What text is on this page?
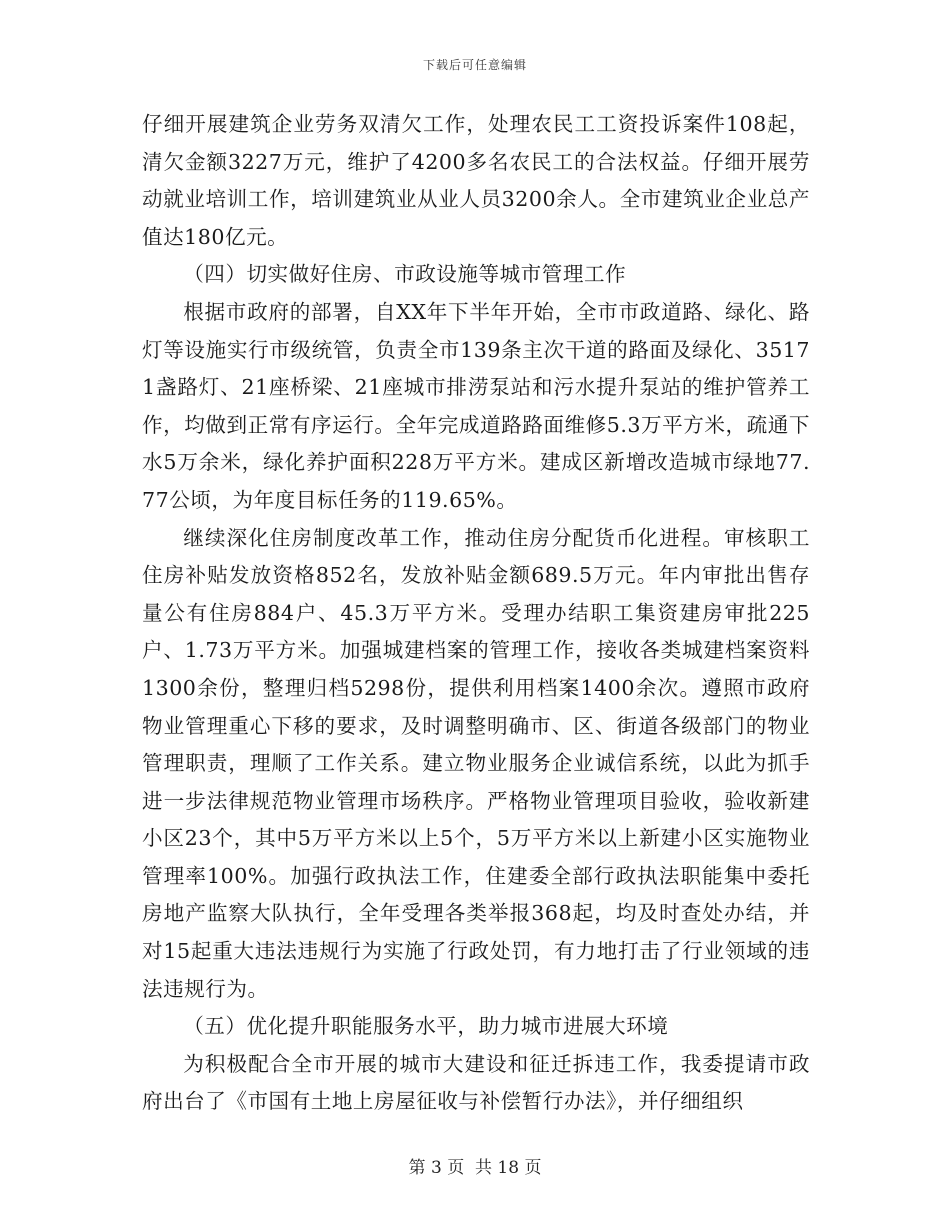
下载后可任意编辑

仔细开展建筑企业劳务双清欠工作，处理农民工工资投诉案件108起，清欠金额3227万元，维护了4200多名农民工的合法权益。仔细开展劳动就业培训工作，培训建筑业从业人员3200余人。全市建筑业企业总产值达180亿元。

（四）切实做好住房、市政设施等城市管理工作

根据市政府的部署，自XX年下半年开始，全市市政道路、绿化、路灯等设施实行市级统管，负责全市139条主次干道的路面及绿化、35171盏路灯、21座桥梁、21座城市排涝泵站和污水提升泵站的维护管养工作，均做到正常有序运行。全年完成道路路面维修5.3万平方米，疏通下水5万余米，绿化养护面积228万平方米。建成区新增改造城市绿地77.77公顷，为年度目标任务的119.65%。

继续深化住房制度改革工作，推动住房分配货币化进程。审核职工住房补贴发放资格852名，发放补贴金额689.5万元。年内审批出售存量公有住房884户、45.3万平方米。受理办结职工集资建房审批225户、1.73万平方米。加强城建档案的管理工作，接收各类城建档案资料1300余份，整理归档5298份，提供利用档案1400余次。遵照市政府物业管理重心下移的要求，及时调整明确市、区、街道各级部门的物业管理职责，理顺了工作关系。建立物业服务企业诚信系统，以此为抓手进一步法律规范物业管理市场秩序。严格物业管理项目验收，验收新建小区23个，其中5万平方米以上5个，5万平方米以上新建小区实施物业管理率100%。加强行政执法工作，住建委全部行政执法职能集中委托房地产监察大队执行，全年受理各类举报368起，均及时查处办结，并对15起重大违法违规行为实施了行政处罚，有力地打击了行业领域的违法违规行为。

（五）优化提升职能服务水平，助力城市进展大环境

为积极配合全市开展的城市大建设和征迁拆违工作，我委提请市政府出台了《市国有土地上房屋征收与补偿暂行办法》，并仔细组织

第 3 页  共 18 页
